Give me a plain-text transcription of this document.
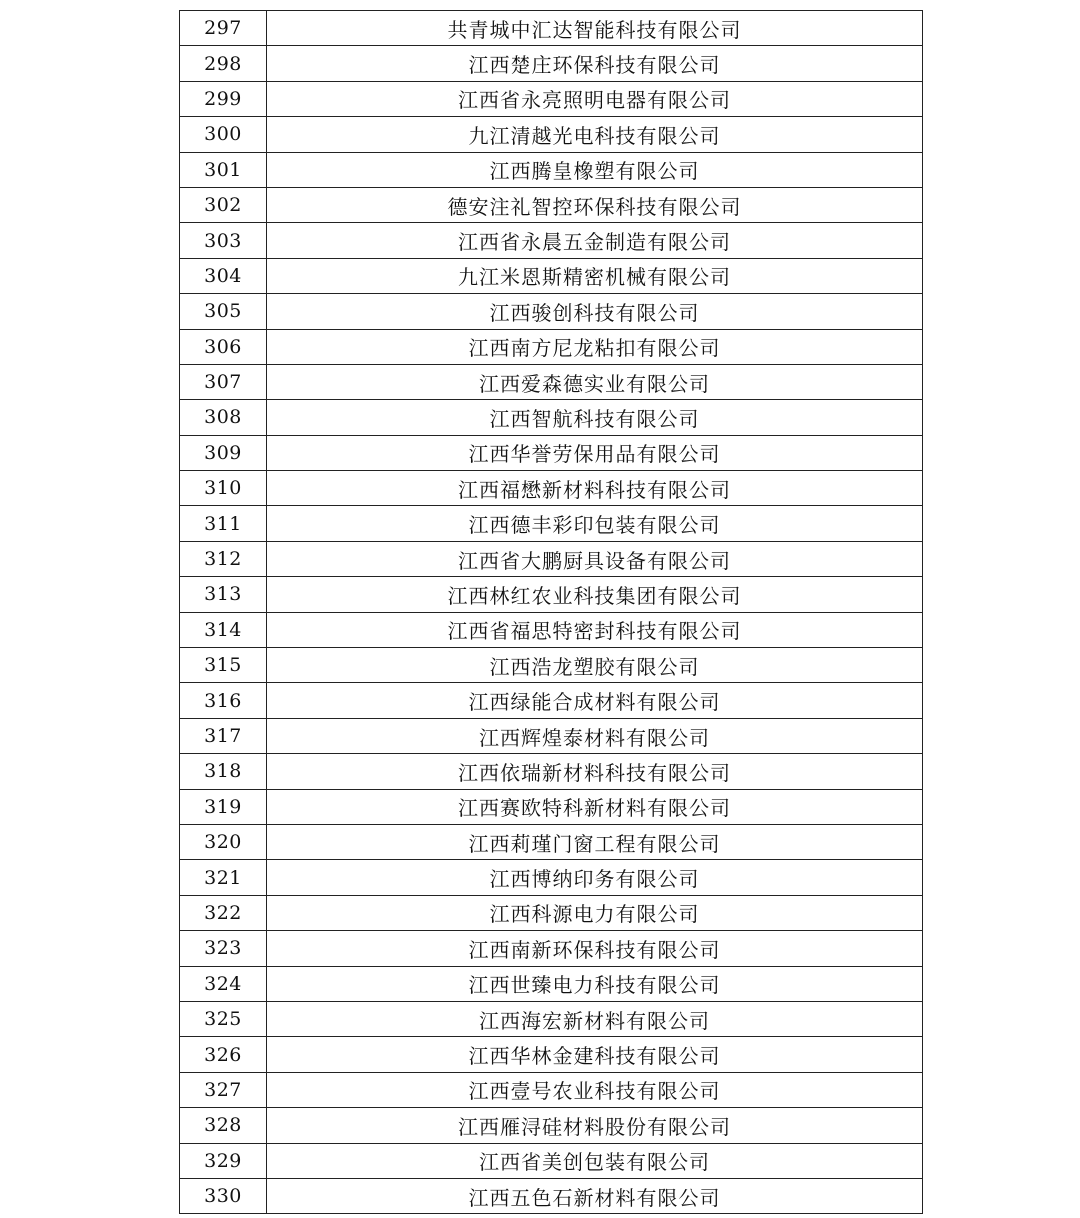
297	共青城中汇达智能科技有限公司
298	江西楚庄环保科技有限公司
299	江西省永亮照明电器有限公司
300	九江清越光电科技有限公司
301	江西腾皇橡塑有限公司
302	德安注礼智控环保科技有限公司
303	江西省永晨五金制造有限公司
304	九江米恩斯精密机械有限公司
305	江西骏创科技有限公司
306	江西南方尼龙粘扣有限公司
307	江西爱森德实业有限公司
308	江西智航科技有限公司
309	江西华誉劳保用品有限公司
310	江西福懋新材料科技有限公司
311	江西德丰彩印包装有限公司
312	江西省大鹏厨具设备有限公司
313	江西林红农业科技集团有限公司
314	江西省福思特密封科技有限公司
315	江西浩龙塑胶有限公司
316	江西绿能合成材料有限公司
317	江西辉煌泰材料有限公司
318	江西依瑞新材料科技有限公司
319	江西赛欧特科新材料有限公司
320	江西莉瑾门窗工程有限公司
321	江西博纳印务有限公司
322	江西科源电力有限公司
323	江西南新环保科技有限公司
324	江西世臻电力科技有限公司
325	江西海宏新材料有限公司
326	江西华林金建科技有限公司
327	江西壹号农业科技有限公司
328	江西雁浔硅材料股份有限公司
329	江西省美创包装有限公司
330	江西五色石新材料有限公司
